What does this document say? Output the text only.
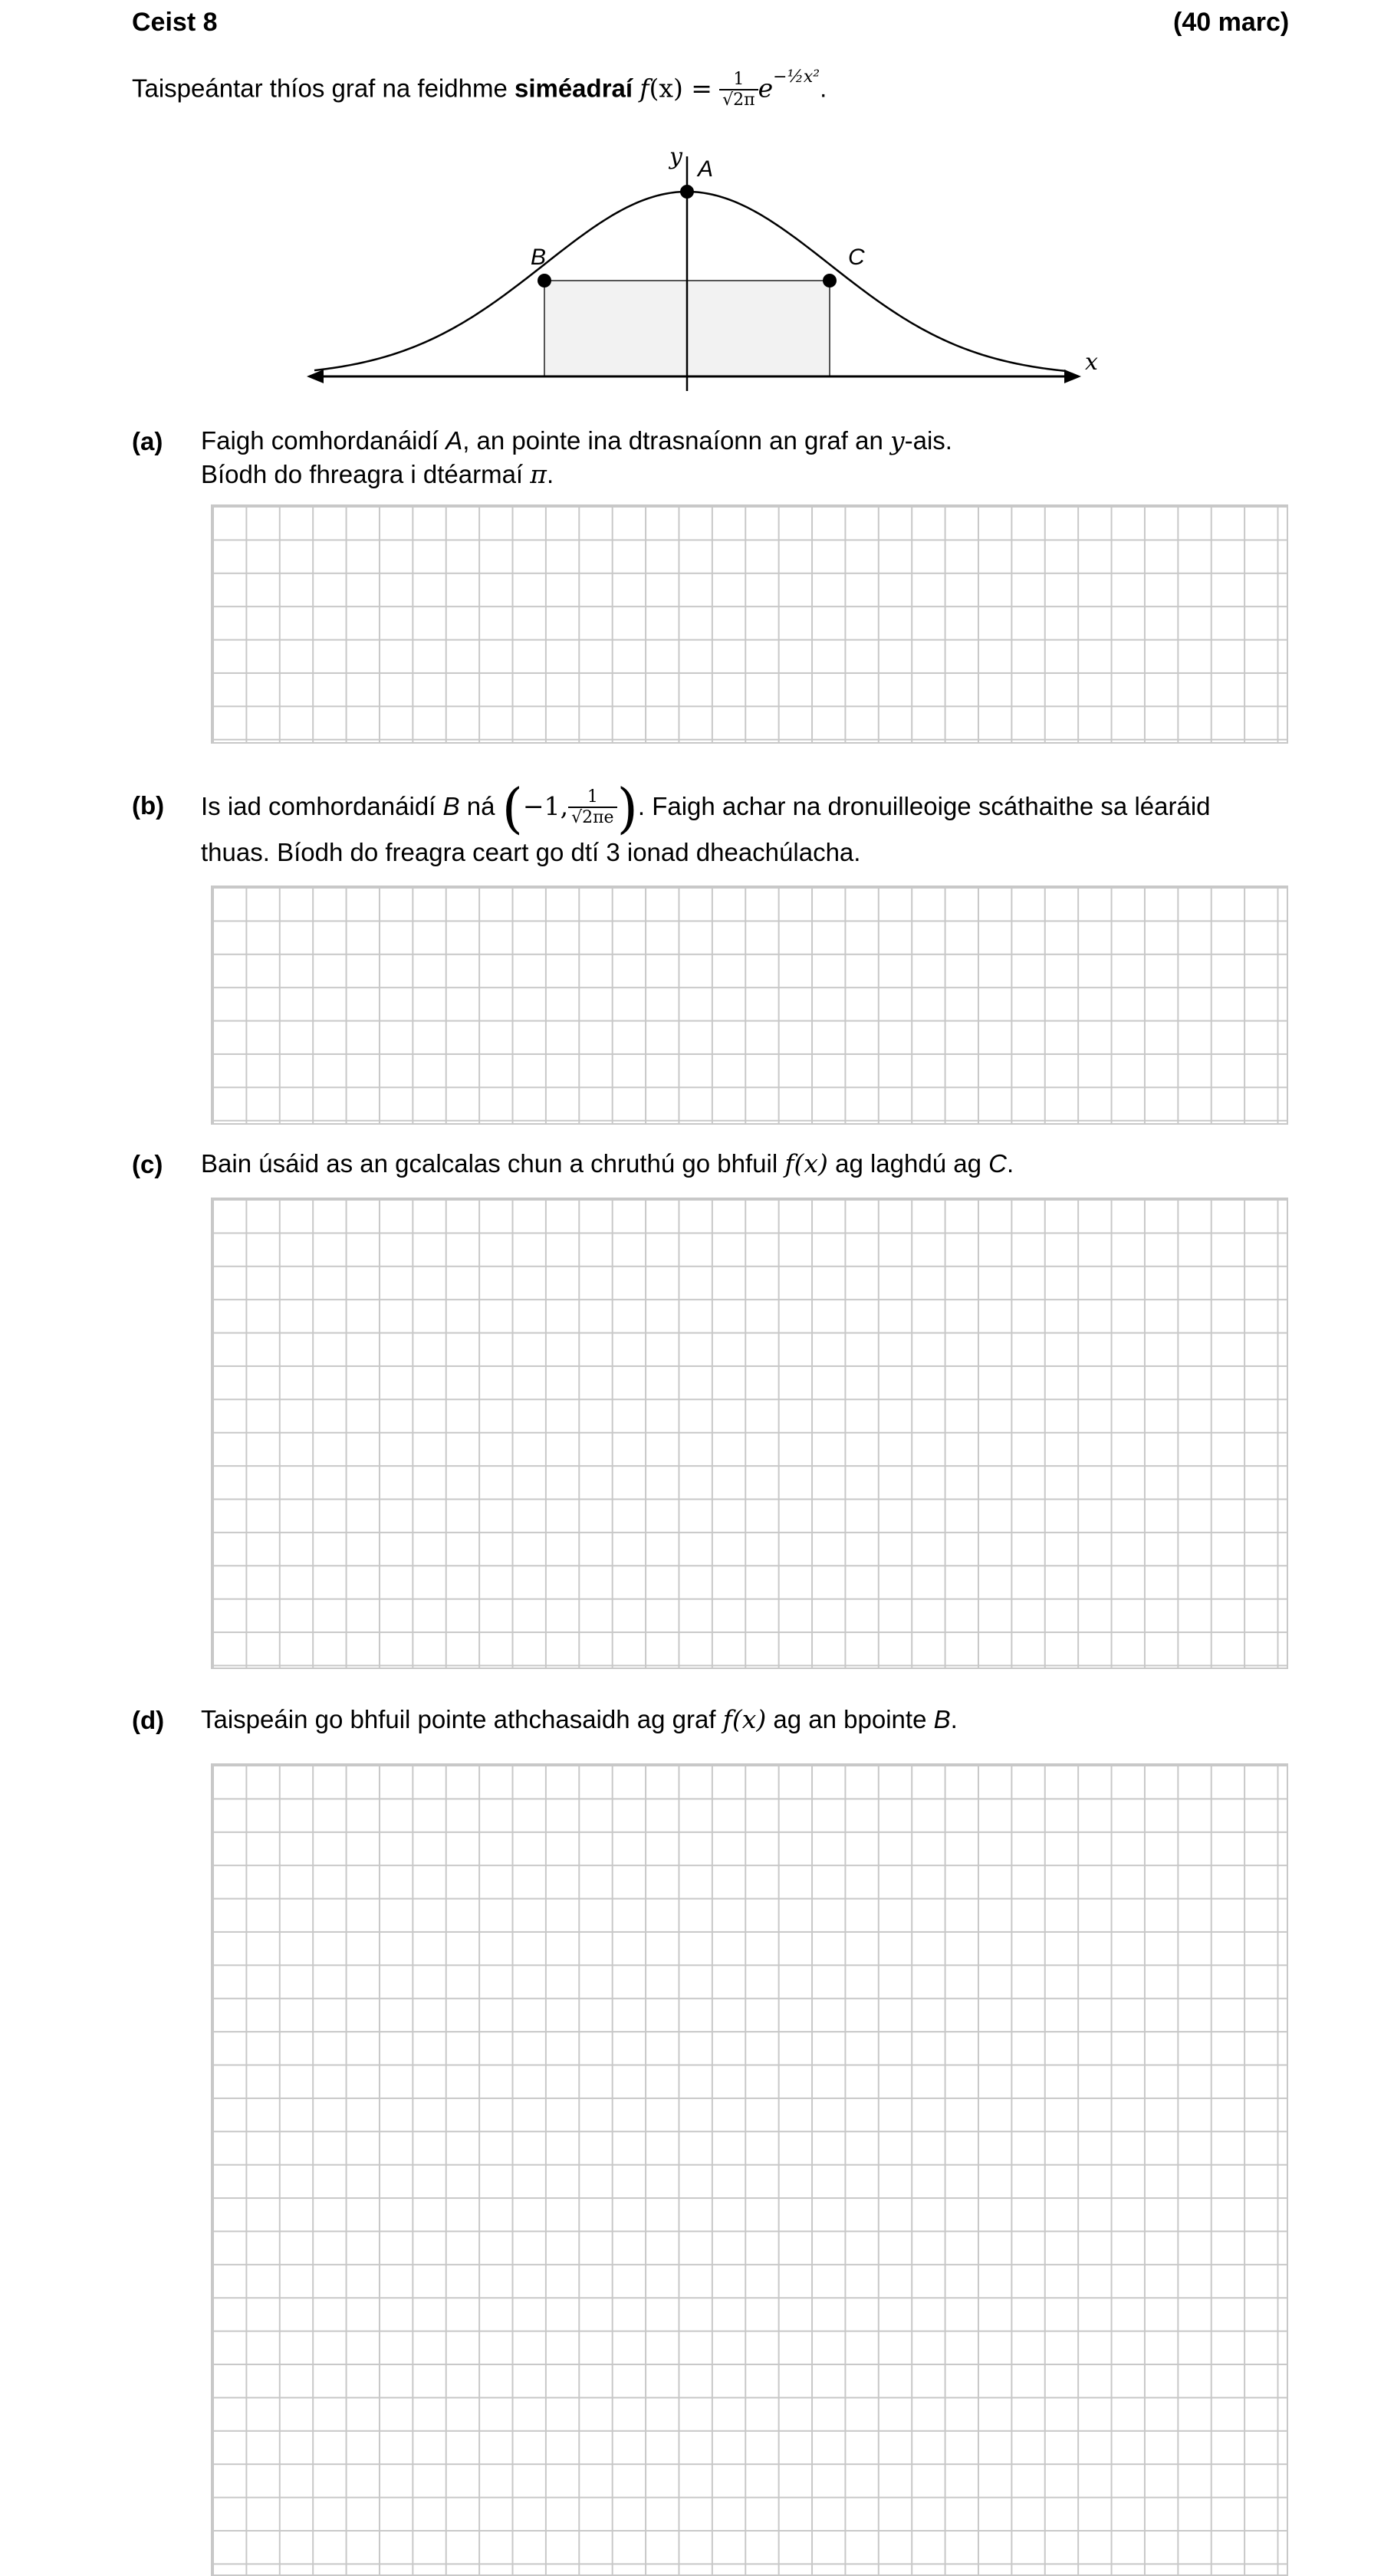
Ceist 8	(40 marc)
Taispeántar thíos graf na feidhme siméadraí $f(x) = \frac{1}{√2\pi} e^{-\frac{1}{2}x^2}$.
y A
B	C
x
(a) Faigh comhordanáidí A, an pointe ina dtrasnaíonn an graf an y-ais.
Bíodh do fhreagra i dtéarmaí π.
(b) Is iad comhordanáidí B ná (−1, $\frac{1}{√2\pi e}$ ). Faigh achar na dronuilleoige scáthaithe sa léaráid
thuas. Bíodh do freagra ceart go dtí 3 ionad dheachúlacha.
(c) Bain úsáid as an gcalcalas chun a chruthú go bhfuil f(x) ag laghdú ag C.
(d) Taispeáin go bhfuil pointe athchasaidh ag graf f(x) ag an bpointe B.
